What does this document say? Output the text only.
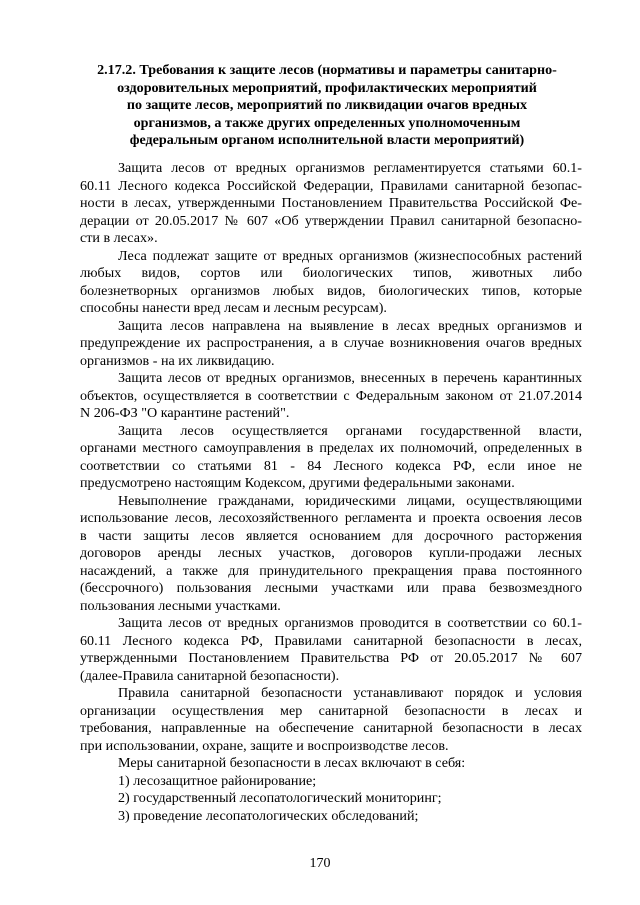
2.17.2. Требования к защите лесов (нормативы и параметры санитарно-
оздоровительных мероприятий, профилактических мероприятий
по защите лесов, мероприятий по ликвидации очагов вредных
организмов, а также других определенных уполномоченным
федеральным органом исполнительной власти мероприятий)
Защита лесов от вредных организмов регламентируется статьями 60.1-
60.11 Лесного кодекса Российской Федерации, Правилами санитарной безопас-
ности в лесах, утвержденными Постановлением Правительства Российской Фе-
дерации от 20.05.2017 № 607 «Об утверждении Правил санитарной безопасно-
сти в лесах».
Леса подлежат защите от вредных организмов (жизнеспособных растений
любых видов, сортов или биологических типов, животных либо
болезнетворных организмов любых видов, биологических типов, которые
способны нанести вред лесам и лесным ресурсам).
Защита лесов направлена на выявление в лесах вредных организмов и
предупреждение их распространения, а в случае возникновения очагов вредных
организмов - на их ликвидацию.
Защита лесов от вредных организмов, внесенных в перечень карантинных
объектов, осуществляется в соответствии с Федеральным законом от 21.07.2014
N 206-ФЗ "О карантине растений".
Защита лесов осуществляется органами государственной власти,
органами местного самоуправления в пределах их полномочий, определенных в
соответствии со статьями 81 - 84 Лесного кодекса РФ, если иное не
предусмотрено настоящим Кодексом, другими федеральными законами.
Невыполнение гражданами, юридическими лицами, осуществляющими
использование лесов, лесохозяйственного регламента и проекта освоения лесов
в части защиты лесов является основанием для досрочного расторжения
договоров аренды лесных участков, договоров купли-продажи лесных
насаждений, а также для принудительного прекращения права постоянного
(бессрочного) пользования лесными участками или права безвозмездного
пользования лесными участками.
Защита лесов от вредных организмов проводится в соответствии со 60.1-
60.11 Лесного кодекса РФ, Правилами санитарной безопасности в лесах,
утвержденными Постановлением Правительства РФ от 20.05.2017 № 607
(далее-Правила санитарной безопасности).
Правила санитарной безопасности устанавливают порядок и условия
организации осуществления мер санитарной безопасности в лесах и
требования, направленные на обеспечение санитарной безопасности в лесах
при использовании, охране, защите и воспроизводстве лесов.
Меры санитарной безопасности в лесах включают в себя:
1) лесозащитное районирование;
2) государственный лесопатологический мониторинг;
3) проведение лесопатологических обследований;
170
